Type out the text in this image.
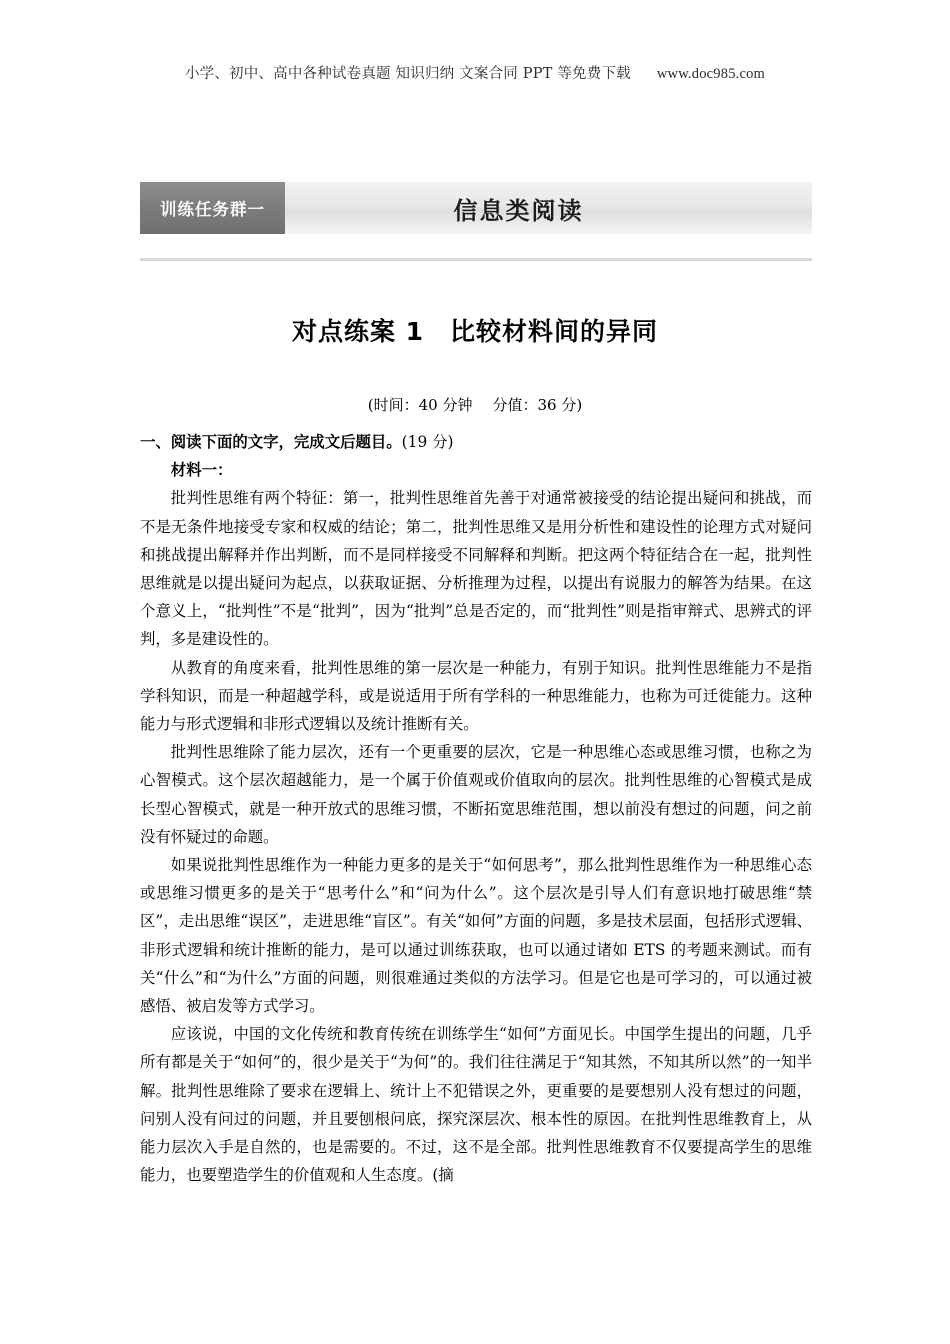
小学、初中、高中各种试卷真题 知识归纳 文案合同 PPT 等免费下载 www.doc985.com
训练任务群一	信息类阅读
对点练案 1 比较材料间的异同
(时间：40 分钟 分值：36 分)

一、阅读下面的文字，完成文后题目。(19 分)

材料一：

批判性思维有两个特征：第一，批判性思维首先善于对通常被接受的结论提出疑问和挑战，而不是无条件地接受专家和权威的结论；第二，批判性思维又是用分析性和建设性的论理方式对疑问和挑战提出解释并作出判断，而不是同样接受不同解释和判断。把这两个特征结合在一起，批判性思维就是以提出疑问为起点，以获取证据、分析推理为过程，以提出有说服力的解答为结果。在这个意义上，“批判性”不是“批判”，因为“批判”总是否定的，而“批判性”则是指审辩式、思辨式的评判，多是建设性的。

从教育的角度来看，批判性思维的第一层次是一种能力，有别于知识。批判性思维能力不是指学科知识，而是一种超越学科，或是说适用于所有学科的一种思维能力，也称为可迁徙能力。这种能力与形式逻辑和非形式逻辑以及统计推断有关。

批判性思维除了能力层次，还有一个更重要的层次，它是一种思维心态或思维习惯，也称之为心智模式。这个层次超越能力，是一个属于价值观或价值取向的层次。批判性思维的心智模式是成长型心智模式，就是一种开放式的思维习惯，不断拓宽思维范围，想以前没有想过的问题，问之前没有怀疑过的命题。

如果说批判性思维作为一种能力更多的是关于“如何思考”，那么批判性思维作为一种思维心态或思维习惯更多的是关于“思考什么”和“问为什么”。这个层次是引导人们有意识地打破思维“禁区”，走出思维“误区”，走进思维“盲区”。有关“如何”方面的问题，多是技术层面，包括形式逻辑、非形式逻辑和统计推断的能力，是可以通过训练获取，也可以通过诸如 ETS 的考题来测试。而有关“什么”和“为什么”方面的问题，则很难通过类似的方法学习。但是它也是可学习的，可以通过被感悟、被启发等方式学习。

应该说，中国的文化传统和教育传统在训练学生“如何”方面见长。中国学生提出的问题，几乎所有都是关于“如何”的，很少是关于“为何”的。我们往往满足于“知其然，不知其所以然”的一知半解。批判性思维除了要求在逻辑上、统计上不犯错误之外，更重要的是要想别人没有想过的问题，问别人没有问过的问题，并且要刨根问底，探究深层次、根本性的原因。在批判性思维教育上，从能力层次入手是自然的，也是需要的。不过，这不是全部。批判性思维教育不仅要提高学生的思维能力，也要塑造学生的价值观和人生态度。(摘
